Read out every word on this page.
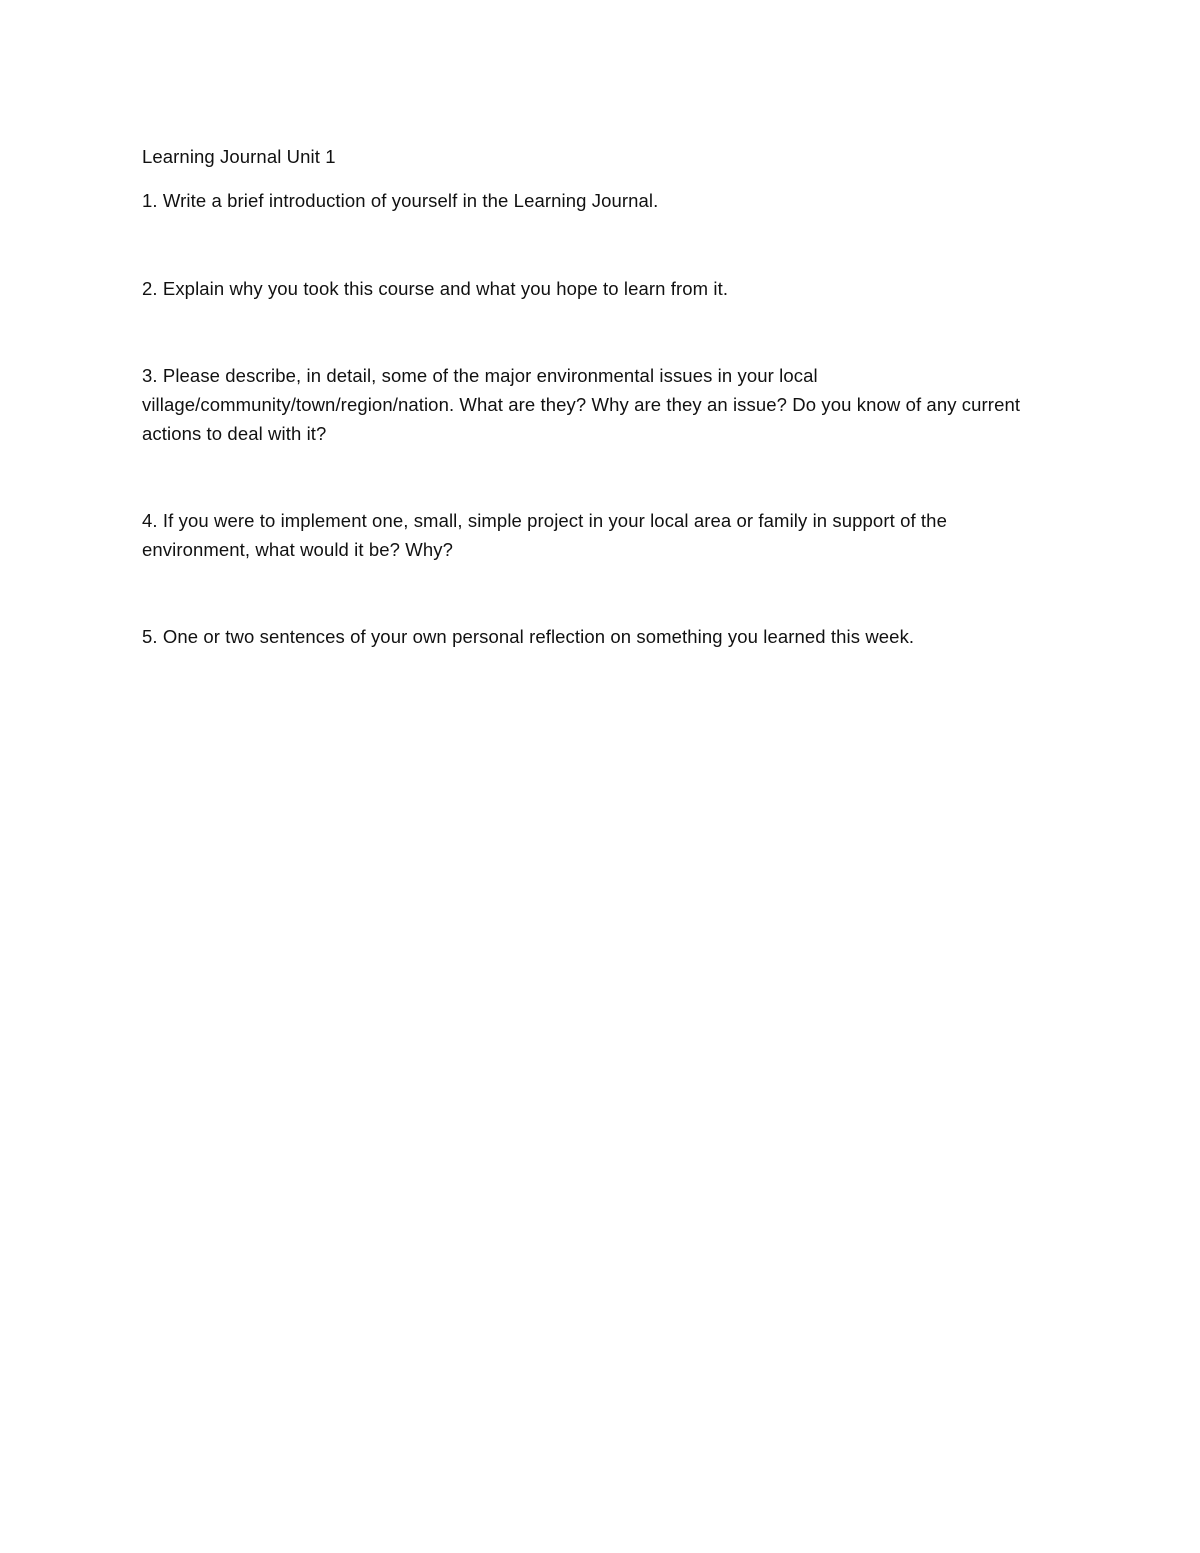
Learning Journal Unit 1

1. Write a brief introduction of yourself in the Learning Journal.

2. Explain why you took this course and what you hope to learn from it.

3. Please describe, in detail, some of the major environmental issues in your local village/community/town/region/nation. What are they? Why are they an issue? Do you know of any current actions to deal with it?

4. If you were to implement one, small, simple project in your local area or family in support of the environment, what would it be? Why?

5. One or two sentences of your own personal reflection on something you learned this week.
